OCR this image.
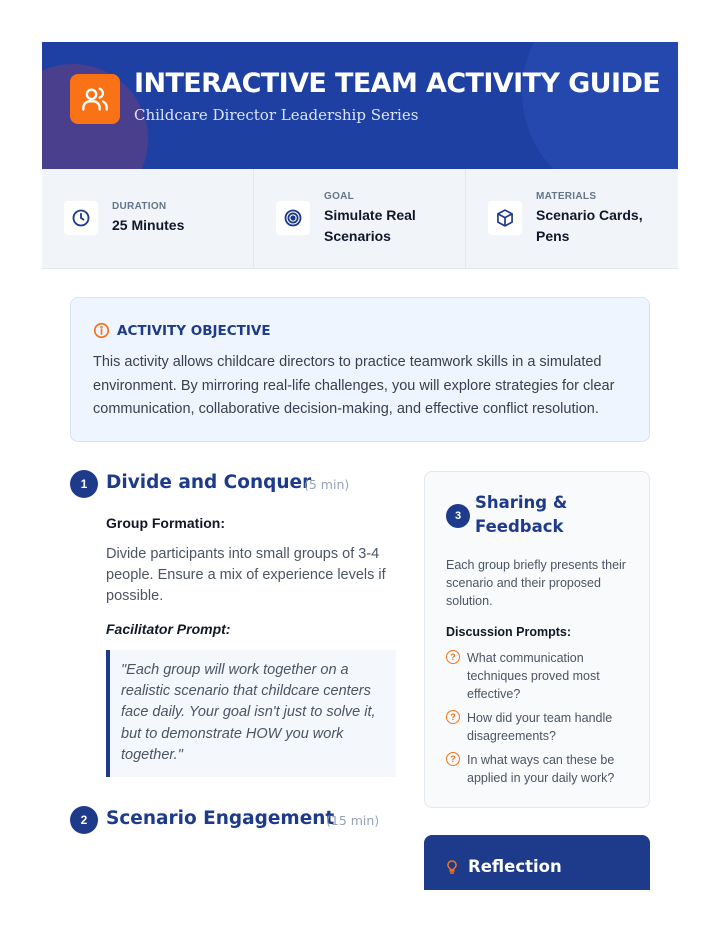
INTERACTIVE TEAM ACTIVITY GUIDE
Childcare Director Leadership Series
DURATION
25 Minutes
GOAL
Simulate Real Scenarios
MATERIALS
Scenario Cards, Pens
ACTIVITY OBJECTIVE
This activity allows childcare directors to practice teamwork skills in a simulated environment. By mirroring real-life challenges, you will explore strategies for clear communication, collaborative decision-making, and effective conflict resolution.
1	Divide and Conquer
(5 min)
Group Formation:
Divide participants into small groups of 3-4 people. Ensure a mix of experience levels if possible.
Facilitator Prompt:
"Each group will work together on a realistic scenario that childcare centers face daily. Your goal isn't just to solve it, but to demonstrate HOW you work together."
2	Scenario Engagement
(15 min)
3
Sharing & Feedback
Each group briefly presents their scenario and their proposed solution.
Discussion Prompts:
? What communication techniques proved most effective?
? How did your team handle disagreements?
? In what ways can these be applied in your daily work?
Reflection
